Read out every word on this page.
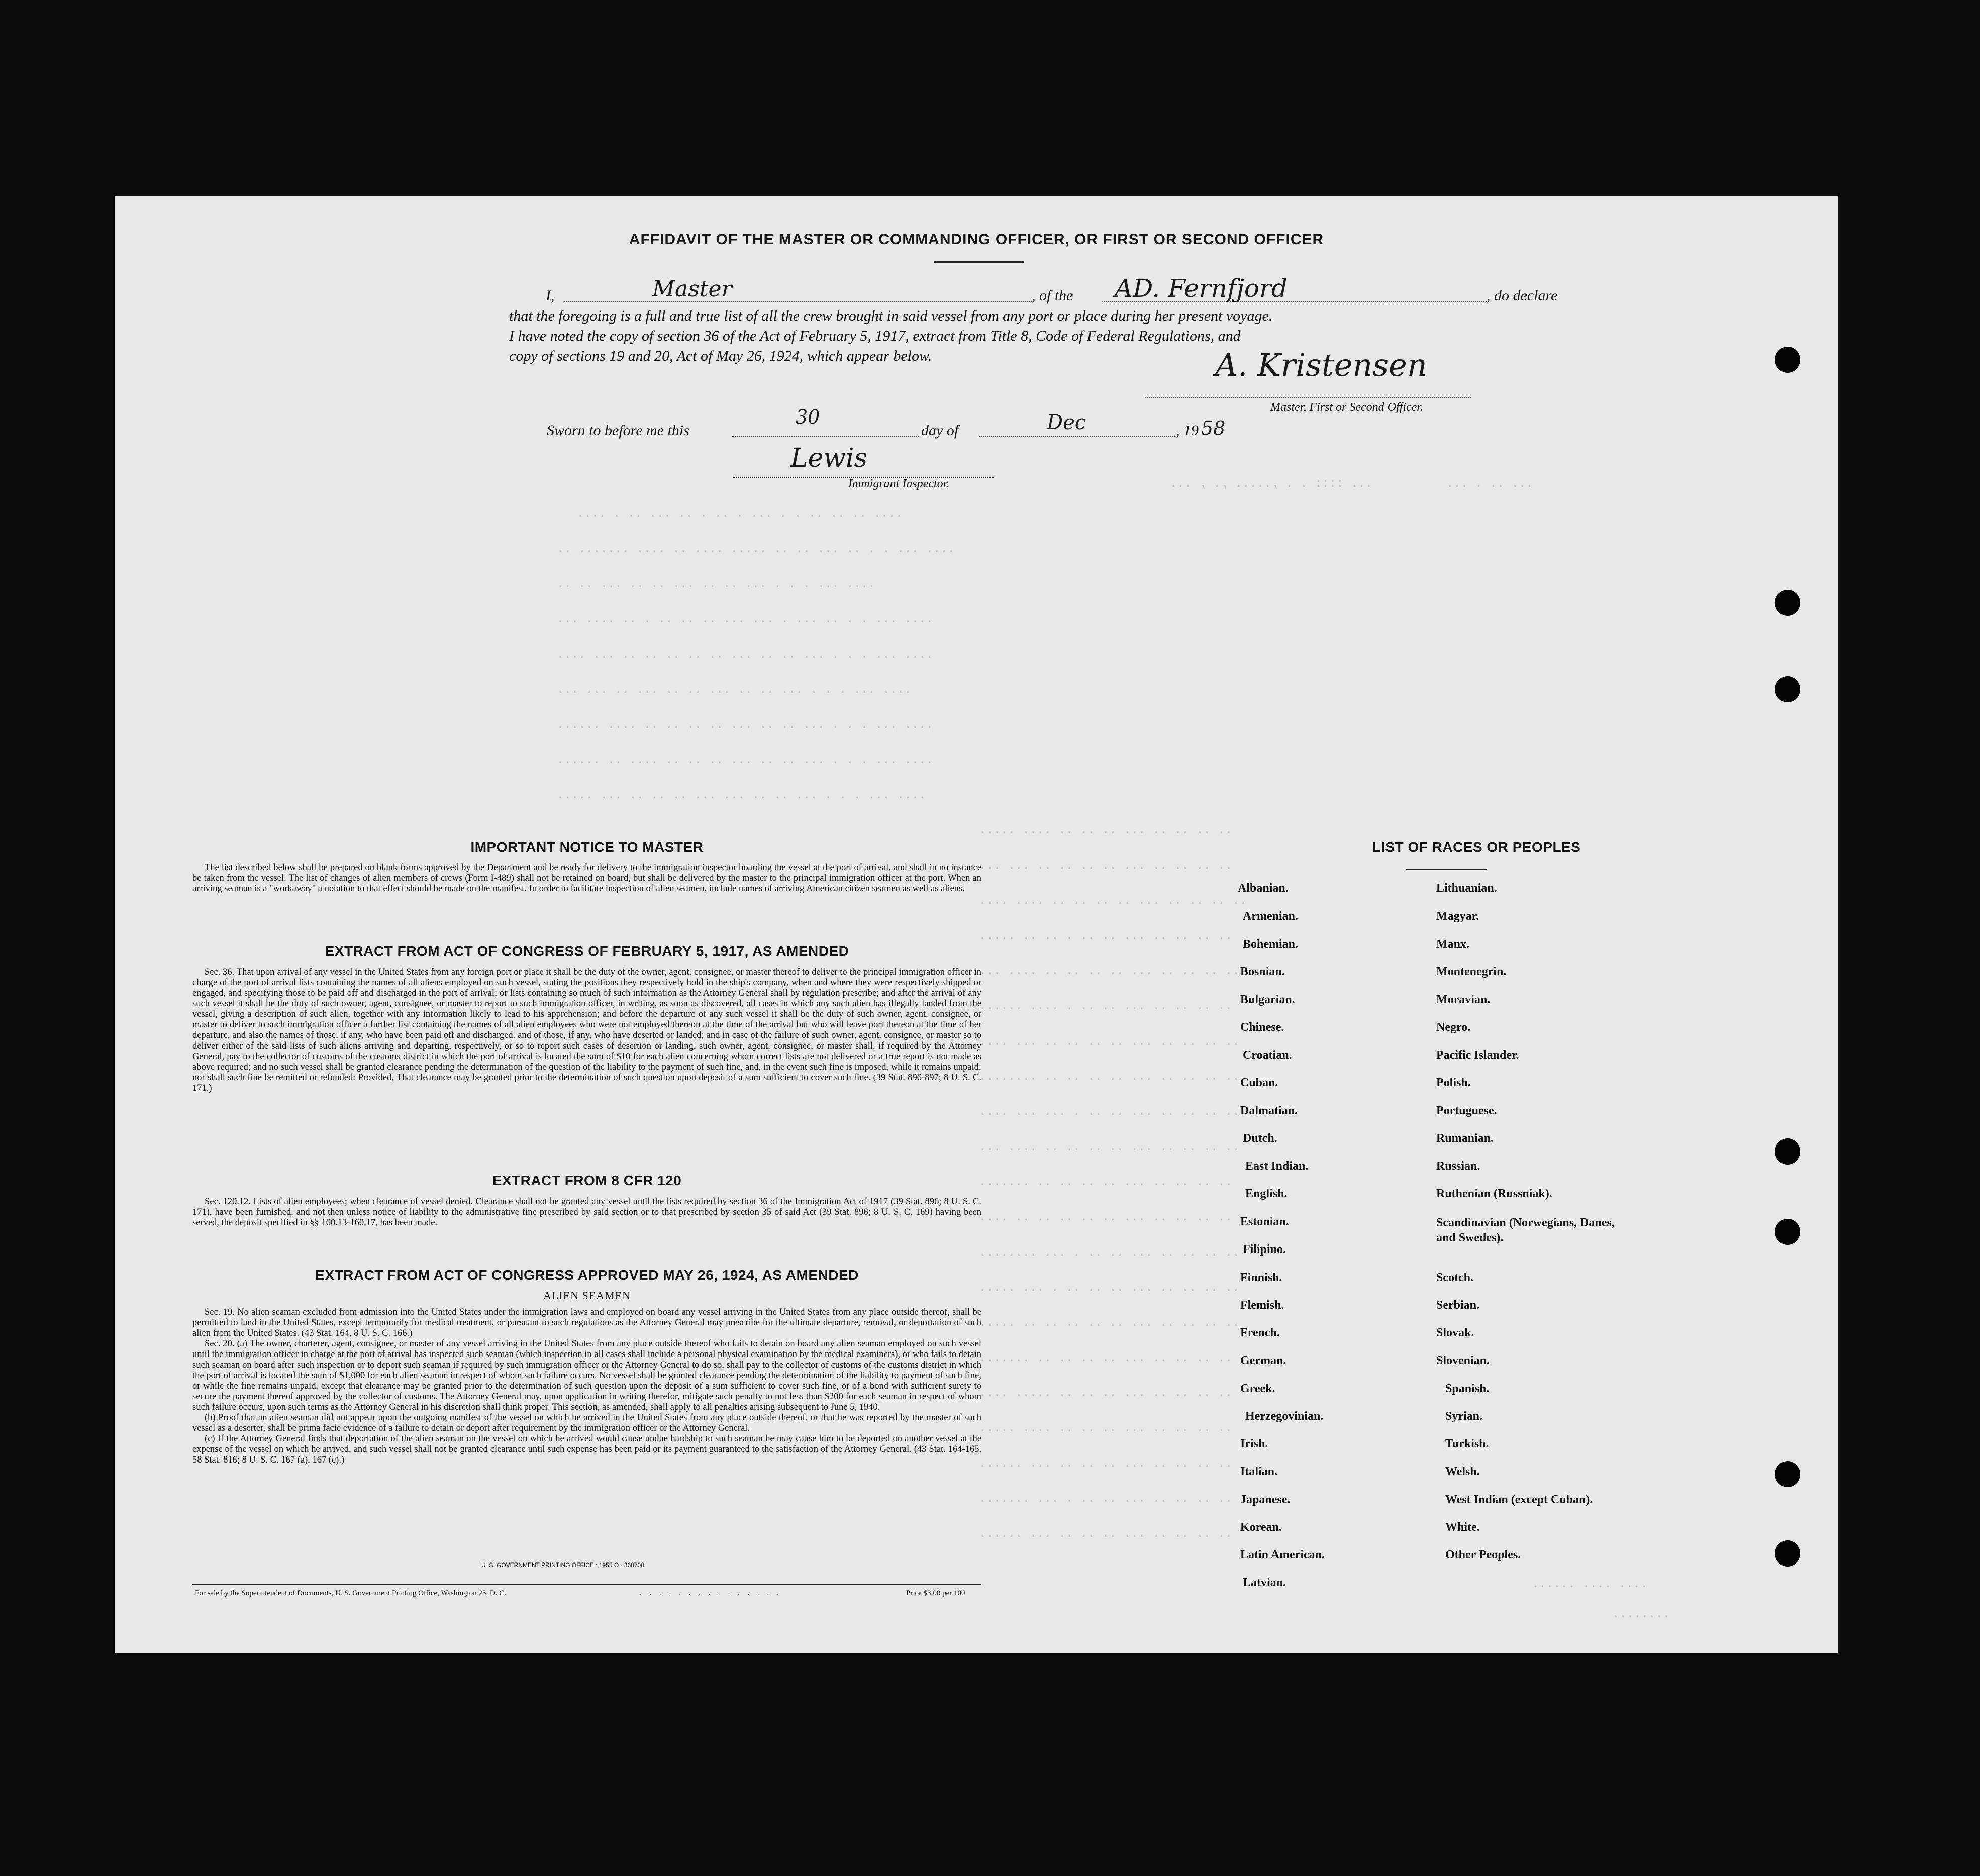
... :::: . . ,..... ,. , ...
.... .. .. .. . . ... . .. . .. ... .. . ....
... .. . ...
.... ... . . .. ... .. .. ..... .... .. .... ....... ..
.... ... . . . ... .. .. ... .. .. ... .. ..
.... ... . . .. ... . ... ... .. .. .. . .. .... ...
.... ... . . . ... .. .. ... .. .. .. .. .. ... ....
.... ... . . . ... .. .. ... .. .. ... .. ... ...
.... ... . . . ... .. .. ... .. .. .. .. .... ......
.... ... . . . ... .. .. ... .. .. .. .... .. ......
.... ... . . . ... .. .. ... ... .. .. .. ... .....
.. .. .. .. ... .. .. .. .... .....
.. .. .. .. ... .. .. .. .. ... ...
.. .. .. .. ... .. .. .. .. .... ....
.. .. .. .. ... .. .. . .. .. .....
.. .. .. .. ... .. .. .. .. .... ...
.. .. .. .. ... .. .. . .... ......
.. .. .. .. ... .. .. .. .. ... ....
.. .. .. .. ... .. .. .. .. ........
.. .. .. .. ... .. .. . ... ... ....
.. .. .. .. ... .. .. .. .. .... ...
.. .. .. .. ... .. .. .. .. .......
.. .. .. .. ... .. .. .. .. .. ....
.. .. .. .. ... .. .. . ... ........
.. .. .. .. ... .. .. .. . ... .....
.. .. .. .. ... .. .. .. .. .. .....
.. .. .. .. ... .. .. .. .. .......
.. .. .. .. ... .. .. .. ..... ....
.. .. .. .. ... .. .. .. .... .....
.. .. .. .. ... .. .. .. ... ......
.. .. .. .. ... .. .. . ... .......
.. .. .. .. ... .. .. .. ... ......
.... .... ......
........
AFFIDAVIT OF THE MASTER OR COMMANDING OFFICER, OR FIRST OR SECOND OFFICER
I,	Master	, of the AD. Fernfjord	, do declare
that the foregoing is a full and true list of all the crew brought in said vessel from any port or place during her present voyage.
I have noted the copy of section 36 of the Act of February 5, 1917, extract from Title 8, Code of Federal Regulations, and
copy of sections 19 and 20, Act of May 26, 1924, which appear below.	A. Kristensen
Master, First or Second Officer.
Sworn to before me this
30
day of	Dec	, 19 58
Lewis
Immigrant Inspector.
IMPORTANT NOTICE TO MASTER

The list described below shall be prepared on blank forms approved by the Department and be ready for delivery to the immigration inspector boarding the vessel at the port of arrival, and shall in no instance be taken from the vessel. The list of changes of alien members of crews (Form I-489) shall not be retained on board, but shall be delivered by the master to the principal immigration officer at the port. When an arriving seaman is a "workaway" a notation to that effect should be made on the manifest. In order to facilitate inspection of alien seamen, include names of arriving American citizen seamen as well as aliens.

EXTRACT FROM ACT OF CONGRESS OF FEBRUARY 5, 1917, AS AMENDED

Sec. 36. That upon arrival of any vessel in the United States from any foreign port or place it shall be the duty of the owner, agent, consignee, or master thereof to deliver to the principal immigration officer in charge of the port of arrival lists containing the names of all aliens employed on such vessel, stating the positions they respectively hold in the ship's company, when and where they were respectively shipped or engaged, and specifying those to be paid off and discharged in the port of arrival; or lists containing so much of such information as the Attorney General shall by regulation prescribe; and after the arrival of any such vessel it shall be the duty of such owner, agent, consignee, or master to report to such immigration officer, in writing, as soon as discovered, all cases in which any such alien has illegally landed from the vessel, giving a description of such alien, together with any information likely to lead to his apprehension; and before the departure of any such vessel it shall be the duty of such owner, agent, consignee, or master to deliver to such immigration officer a further list containing the names of all alien employees who were not employed thereon at the time of the arrival but who will leave port thereon at the time of her departure, and also the names of those, if any, who have been paid off and discharged, and of those, if any, who have deserted or landed; and in case of the failure of such owner, agent, consignee, or master so to deliver either of the said lists of such aliens arriving and departing, respectively, or so to report such cases of desertion or landing, such owner, agent, consignee, or master shall, if required by the Attorney General, pay to the collector of customs of the customs district in which the port of arrival is located the sum of $10 for each alien concerning whom correct lists are not delivered or a true report is not made as above required; and no such vessel shall be granted clearance pending the determination of the question of the liability to the payment of such fine, and, in the event such fine is imposed, while it remains unpaid; nor shall such fine be remitted or refunded: Provided, That clearance may be granted prior to the determination of such question upon deposit of a sum sufficient to cover such fine. (39 Stat. 896-897; 8 U. S. C. 171.)

EXTRACT FROM 8 CFR 120

Sec. 120.12. Lists of alien employees; when clearance of vessel denied. Clearance shall not be granted any vessel until the lists required by section 36 of the Immigration Act of 1917 (39 Stat. 896; 8 U. S. C. 171), have been furnished, and not then unless notice of liability to the administrative fine prescribed by said section or to that prescribed by section 35 of said Act (39 Stat. 896; 8 U. S. C. 169) having been served, the deposit specified in §§ 160.13-160.17, has been made.

EXTRACT FROM ACT OF CONGRESS APPROVED MAY 26, 1924, AS AMENDED
ALIEN SEAMEN

Sec. 19. No alien seaman excluded from admission into the United States under the immigration laws and employed on board any vessel arriving in the United States from any place outside thereof, shall be permitted to land in the United States, except temporarily for medical treatment, or pursuant to such regulations as the Attorney General may prescribe for the ultimate departure, removal, or deportation of such alien from the United States. (43 Stat. 164, 8 U. S. C. 166.)

Sec. 20. (a) The owner, charterer, agent, consignee, or master of any vessel arriving in the United States from any place outside thereof who fails to detain on board any alien seaman employed on such vessel until the immigration officer in charge at the port of arrival has inspected such seaman (which inspection in all cases shall include a personal physical examination by the medical examiners), or who fails to detain such seaman on board after such inspection or to deport such seaman if required by such immigration officer or the Attorney General to do so, shall pay to the collector of customs of the customs district in which the port of arrival is located the sum of $1,000 for each alien seaman in respect of whom such failure occurs. No vessel shall be granted clearance pending the determination of the liability to payment of such fine, or while the fine remains unpaid, except that clearance may be granted prior to the determination of such question upon the deposit of a sum sufficient to cover such fine, or of a bond with sufficient surety to secure the payment thereof approved by the collector of customs. The Attorney General may, upon application in writing therefor, mitigate such penalty to not less than $200 for each seaman in respect of whom such failure occurs, upon such terms as the Attorney General in his discretion shall think proper. This section, as amended, shall apply to all penalties arising subsequent to June 5, 1940.

(b) Proof that an alien seaman did not appear upon the outgoing manifest of the vessel on which he arrived in the United States from any place outside thereof, or that he was reported by the master of such vessel as a deserter, shall be prima facie evidence of a failure to detain or deport after requirement by the immigration officer or the Attorney General.

(c) If the Attorney General finds that deportation of the alien seaman on the vessel on which he arrived would cause undue hardship to such seaman he may cause him to be deported on another vessel at the expense of the vessel on which he arrived, and such vessel shall not be granted clearance until such expense has been paid or its payment guaranteed to the satisfaction of the Attorney General. (43 Stat. 164-165, 58 Stat. 816; 8 U. S. C. 167 (a), 167 (c).)

U. S. GOVERNMENT PRINTING OFFICE : 1955 O - 368700
For sale by the Superintendent of Documents, U. S. Government Printing Office, Washington 25, D. C.	. . . . . . . . . . . . . . .	Price $3.00 per 100
LIST OF RACES OR PEOPLES
Albanian.
Armenian.
Bohemian.
Bosnian.
Bulgarian.
Chinese.
Croatian.
Cuban.
Dalmatian.
Dutch.
East Indian.
English.
Estonian.
Filipino.
Finnish.
Flemish.
French.
German.
Greek.
Herzegovinian.
Irish.
Italian.
Japanese.
Korean.
Latin American.
Latvian.
Lithuanian.
Magyar.
Manx.
Montenegrin.
Moravian.
Negro.
Pacific Islander.
Polish.
Portuguese.
Rumanian.
Russian.
Ruthenian (Russniak).
Scandinavian (Norwegians, Danes, and Swedes).
Scotch.
Serbian.
Slovak.
Slovenian.
Spanish.
Syrian.
Turkish.
Welsh.
West Indian (except Cuban).
White.
Other Peoples.
